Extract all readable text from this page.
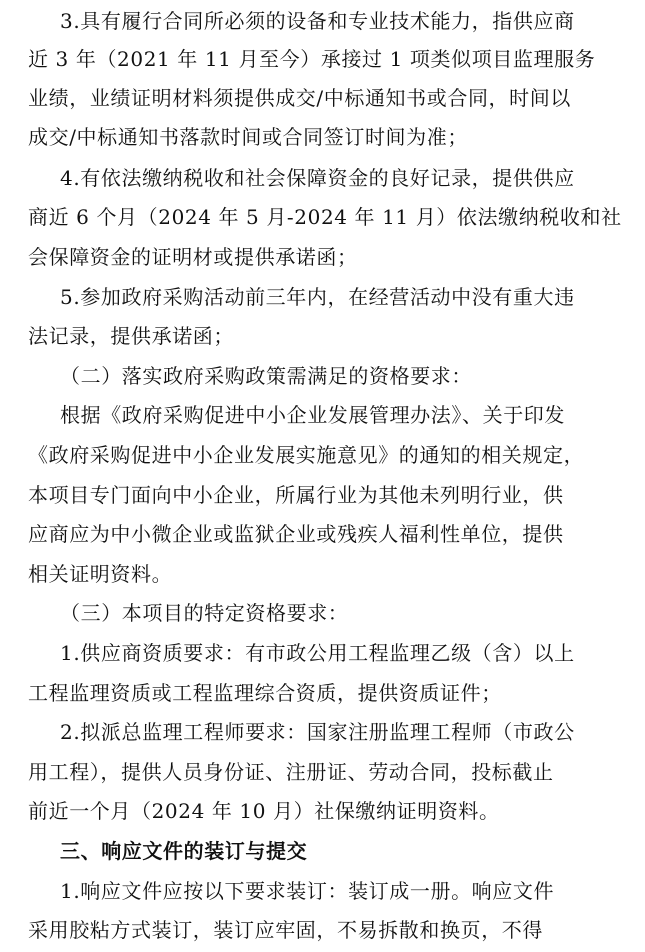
3.具有履行合同所必须的设备和专业技术能力，指供应商
近 3 年（2021 年 11 月至今）承接过 1 项类似项目监理服务
业绩，业绩证明材料须提供成交/中标通知书或合同，时间以
成交/中标通知书落款时间或合同签订时间为准；
4.有依法缴纳税收和社会保障资金的良好记录，提供供应
商近 6 个月（2024 年 5 月-2024 年 11 月）依法缴纳税收和社
会保障资金的证明材或提供承诺函；
5.参加政府采购活动前三年内，在经营活动中没有重大违
法记录，提供承诺函；
（二）落实政府采购政策需满足的资格要求：
根据《政府采购促进中小企业发展管理办法》、关于印发
《政府采购促进中小企业发展实施意见》的通知的相关规定，
本项目专门面向中小企业，所属行业为其他未列明行业，供
应商应为中小微企业或监狱企业或残疾人福利性单位，提供
相关证明资料。
（三）本项目的特定资格要求：
1.供应商资质要求：有市政公用工程监理乙级（含）以上
工程监理资质或工程监理综合资质，提供资质证件；
2.拟派总监理工程师要求：国家注册监理工程师（市政公
用工程），提供人员身份证、注册证、劳动合同，投标截止
前近一个月（2024 年 10 月）社保缴纳证明资料。
三、响应文件的装订与提交
1.响应文件应按以下要求装订：装订成一册。响应文件
采用胶粘方式装订，装订应牢固，不易拆散和换页，不得
